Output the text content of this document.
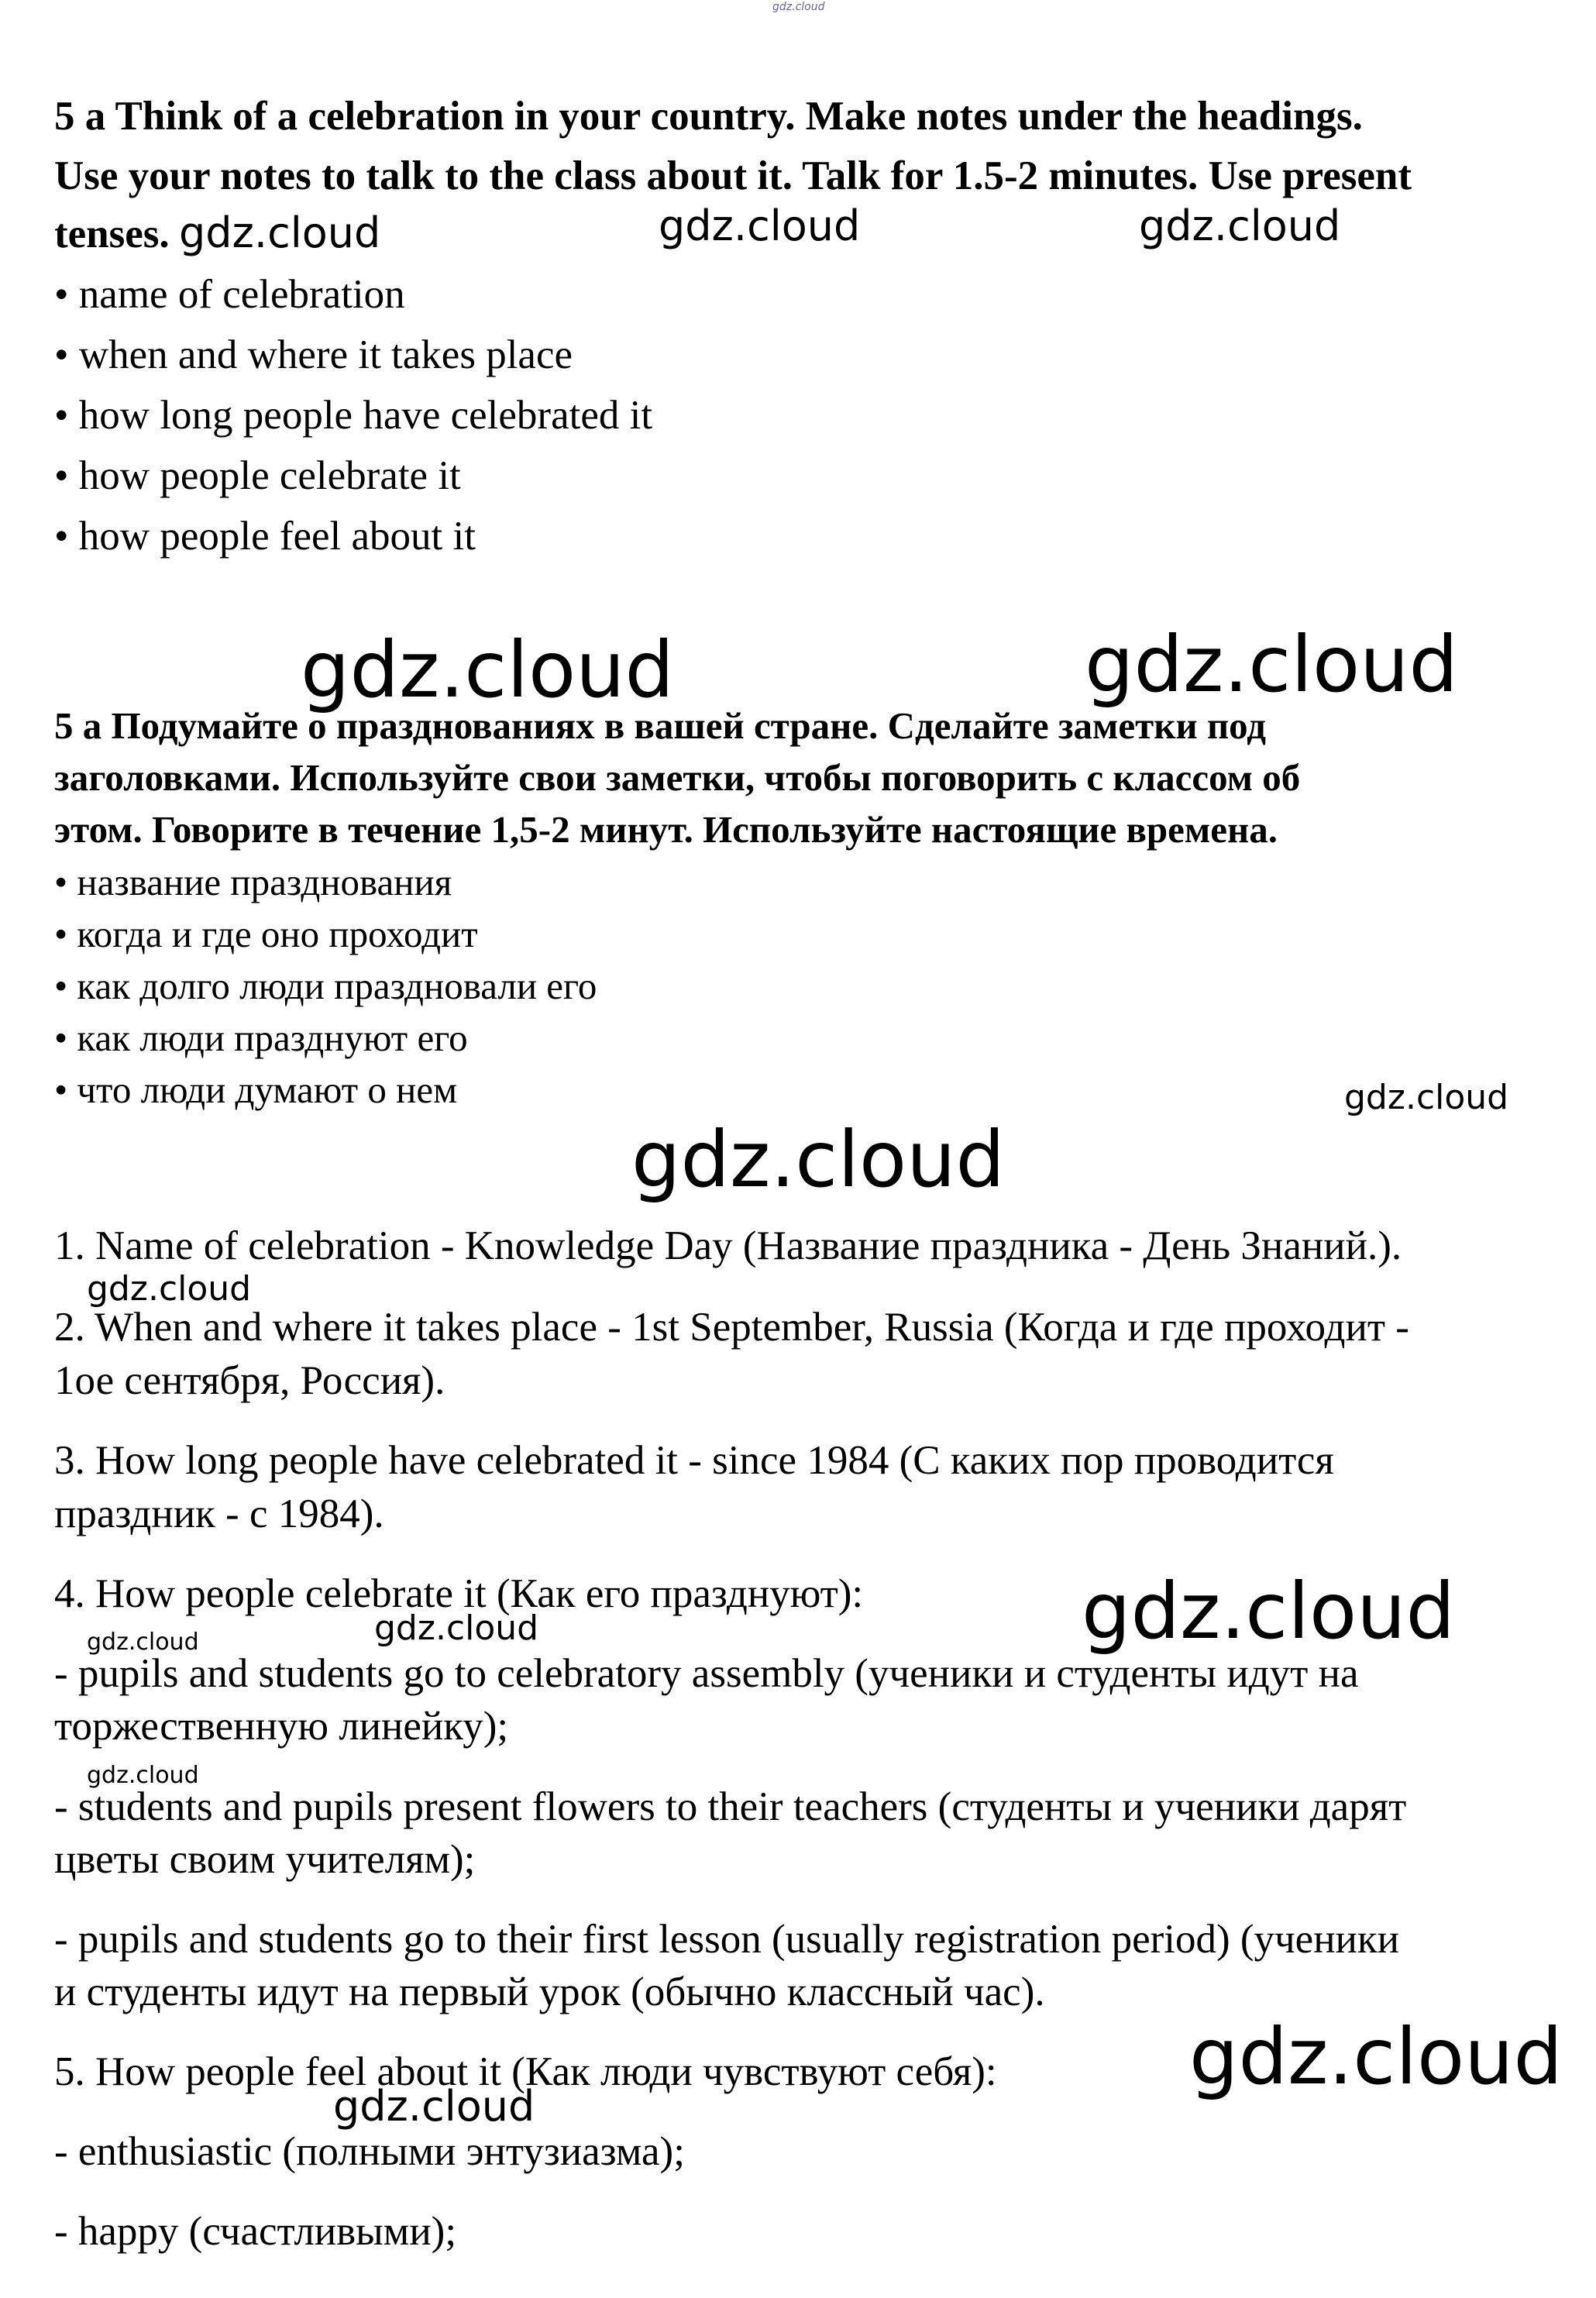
gdz.cloud
5 a Think of a celebration in your country. Make notes under the headings.
Use your notes to talk to the class about it. Talk for 1.5-2 minutes. Use present
tenses. gdz.cloud	gdz.cloud	gdz.cloud
• name of celebration
• when and where it takes place
• how long people have celebrated it
• how people celebrate it
• how people feel about it
gdz.cloud	gdz.cloud
5 а Подумайте о празднованиях в вашей стране. Сделайте заметки под
заголовками. Используйте свои заметки, чтобы поговорить с классом об
этом. Говорите в течение 1,5-2 минут. Используйте настоящие времена.
• название празднования
• когда и где оно проходит
• как долго люди праздновали его
• как люди празднуют его
• что люди думают о нем	gdz.cloud
gdz.cloud
1. Name of celebration - Knowledge Day (Название праздника - День Знаний.).
gdz.cloud
2. When and where it takes place - 1st September, Russia (Когда и где проходит -
1ое сентября, Россия).
3. How long people have celebrated it - since 1984 (С каких пор проводится
праздник - с 1984).
4. How people celebrate it (Как его празднуют):	gdz.cloud
gdz.cloud	gdz.cloud
- pupils and students go to celebratory assembly (ученики и студенты идут на
торжественную линейку);
gdz.cloud
- students and pupils present flowers to their teachers (студенты и ученики дарят
цветы своим учителям);
- pupils and students go to their first lesson (usually registration period) (ученики
и студенты идут на первый урок (обычно классный час).
5. How people feel about it (Как люди чувствуют себя): gdz.cloud
gdz.cloud
- enthusiastic (полными энтузиазма);
- happy (счастливыми);
